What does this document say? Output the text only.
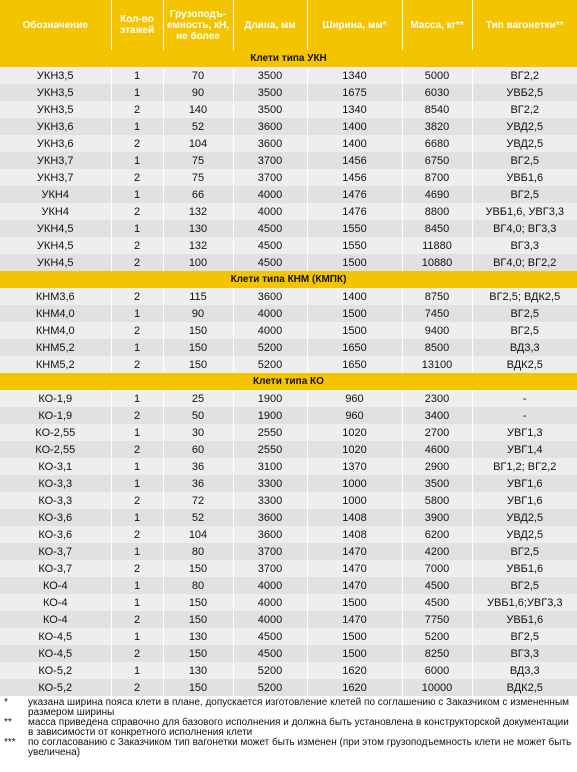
Обозначение	Кол-во этажей	Грузоподъ-емность, кН, не более	Длина, мм	Ширина, мм*	Масса, кг**	Тип вагонетки**
Клети типа УКН						
УКН3,5	1	70	3500	1340	5000	ВГ2,2
УКН3,5	1	90	3500	1675	6030	УВБ2,5
УКН3,5	2	140	3500	1340	8540	ВГ2,2
УКН3,6	1	52	3600	1400	3820	УВД2,5
УКН3,6	2	104	3600	1400	6680	УВД2,5
УКН3,7	1	75	3700	1456	6750	ВГ2,5
УКН3,7	2	75	3700	1456	8700	УВБ1,6
УКН4	1	66	4000	1476	4690	ВГ2,5
УКН4	2	132	4000	1476	8800	УВБ1,6, УВГ3,3
УКН4,5	1	130	4500	1550	8450	ВГ4,0; ВГ3,3
УКН4,5	2	132	4500	1550	11880	ВГ3,3
УКН4,5	2	100	4500	1500	10880	ВГ4,0; ВГ2,2
Клети типа КНМ (КМПК)						
КНМ3,6	2	115	3600	1400	8750	ВГ2,5; ВДК2,5
КНМ4,0	1	90	4000	1500	7450	ВГ2,5
КНМ4,0	2	150	4000	1500	9400	ВГ2,5
КНМ5,2	1	150	5200	1650	8500	ВД3,3
КНМ5,2	2	150	5200	1650	13100	ВДК2,5
Клети типа КО						
КО-1,9	1	25	1900	960	2300	-
КО-1,9	2	50	1900	960	3400	-
КО-2,55	1	30	2550	1020	2700	УВГ1,3
КО-2,55	2	60	2550	1020	4600	УВГ1,4
КО-3,1	1	36	3100	1370	2900	ВГ1,2; ВГ2,2
КО-3,3	1	36	3300	1000	3500	УВГ1,6
КО-3,3	2	72	3300	1000	5800	УВГ1,6
КО-3,6	1	52	3600	1408	3900	УВД2,5
КО-3,6	2	104	3600	1408	6200	УВД2,5
КО-3,7	1	80	3700	1470	4200	ВГ2,5
КО-3,7	2	150	3700	1470	7000	УВБ1,6
КО-4	1	80	4000	1470	4500	ВГ2,5
КО-4	1	150	4000	1500	4500	УВБ1,6;УВГ3,3
КО-4	2	150	4000	1470	7750	УВБ1,6
КО-4,5	1	130	4500	1500	5200	ВГ2,5
КО-4,5	2	150	4500	1500	8250	ВГ3,3
КО-5,2	1	130	5200	1620	6000	ВД3,3
КО-5,2	2	150	5200	1620	10000	ВДК2,5
*	указана ширина пояса клети в плане, допускается изготовление клетей по соглашению с Заказчиком с измененным размером ширины
**	масса приведена справочно для базового исполнения и должна быть установлена в конструкторской документации в зависимости от конкретного исполнения клети
***	по согласованию с Заказчиком тип вагонетки может быть изменен (при этом грузоподъемность клети не может быть увеличена)
